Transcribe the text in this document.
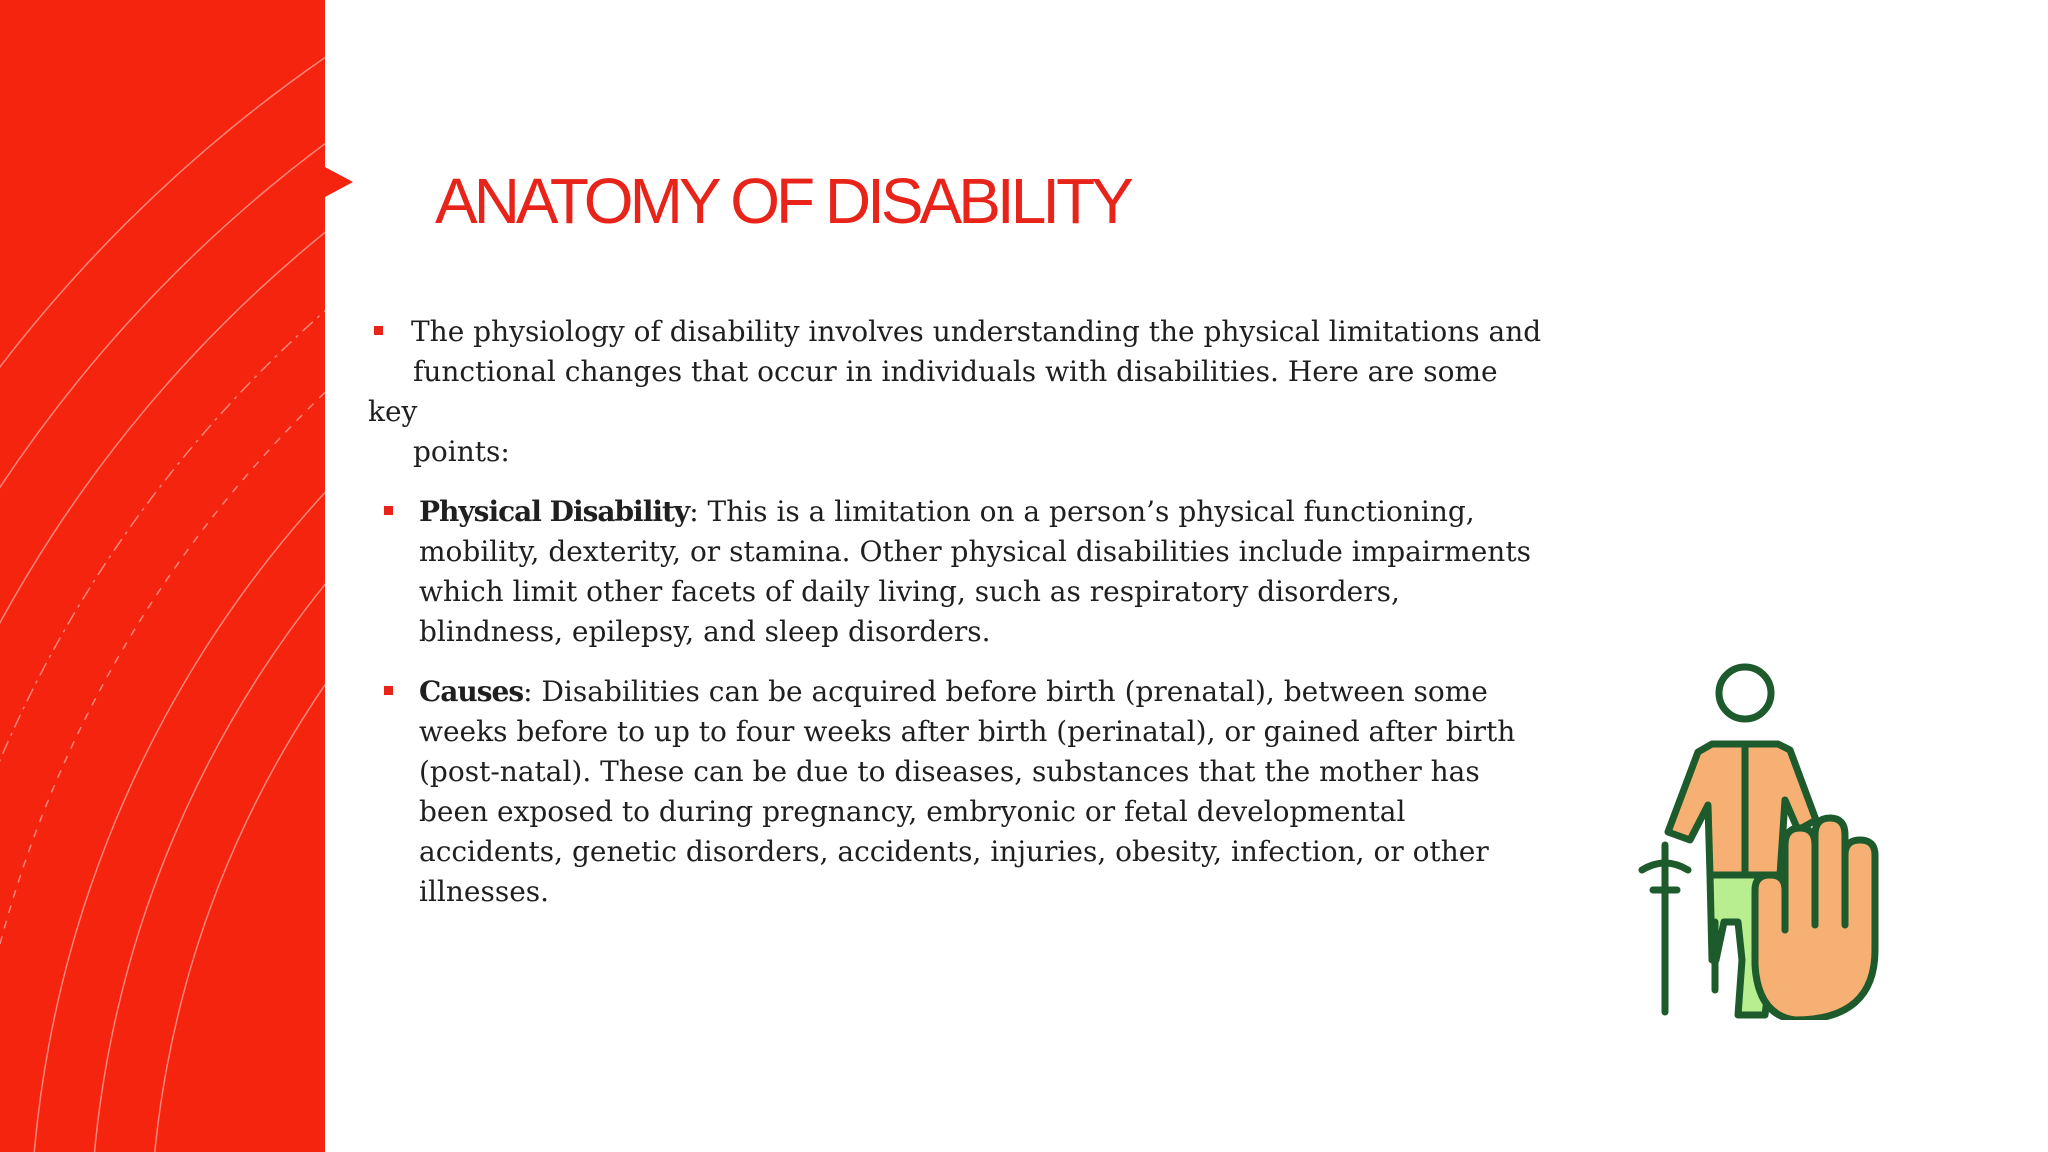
ANATOMY OF DISABILITY
The physiology of disability involves understanding the physical limitations and
functional changes that occur in individuals with disabilities. Here are some
key
points:

Physical Disability: This is a limitation on a person’s physical functioning, mobility, dexterity, or stamina. Other physical disabilities include impairments which limit other facets of daily living, such as respiratory disorders, blindness, epilepsy, and sleep disorders.

Causes: Disabilities can be acquired before birth (prenatal), between some weeks before to up to four weeks after birth (perinatal), or gained after birth (post-natal). These can be due to diseases, substances that the mother has been exposed to during pregnancy, embryonic or fetal developmental accidents, genetic disorders, accidents, injuries, obesity, infection, or other illnesses.
